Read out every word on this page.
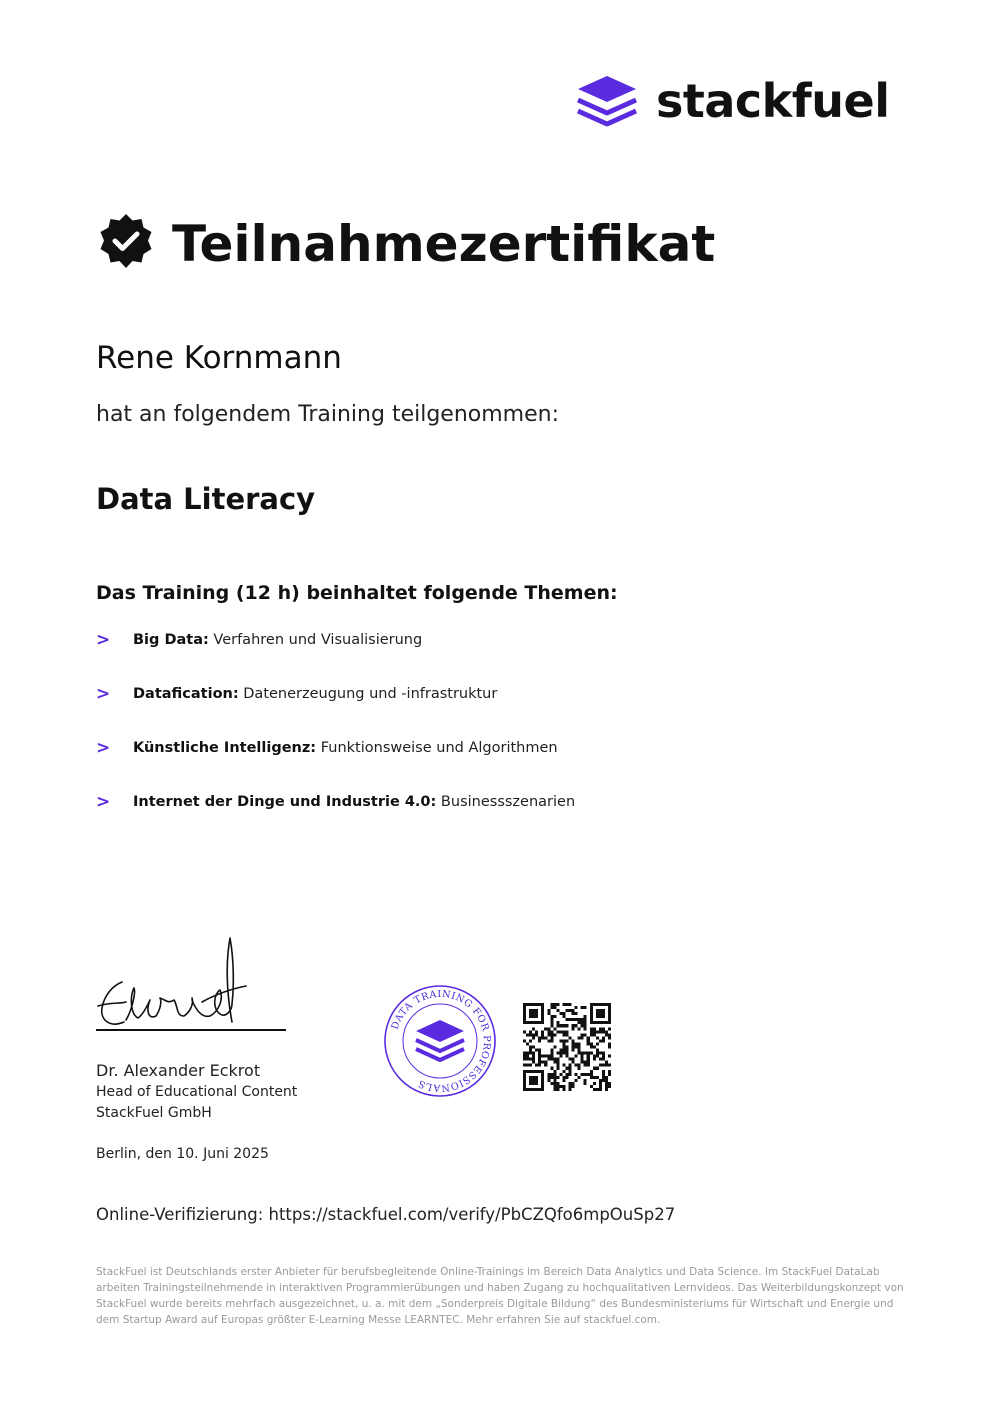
stackfuel
Teilnahmezertifikat
Rene Kornmann
hat an folgendem Training teilgenommen:
Data Literacy
Das Training (12 h) beinhaltet folgende Themen:
>	Big Data: Verfahren und Visualisierung
>	Datafication: Datenerzeugung und -infrastruktur
>	Künstliche Intelligenz: Funktionsweise und Algorithmen
>	Internet der Dinge und Industrie 4.0: Businessszenarien
Dr. Alexander Eckrot
Head of Educational Content
StackFuel GmbH
Berlin, den 10. Juni 2025
DATA TRAINING FOR PROFESSIONALS
Online-Verifizierung: https://stackfuel.com/verify/PbCZQfo6mpOuSp27
StackFuel ist Deutschlands erster Anbieter für berufsbegleitende Online-Trainings im Bereich Data Analytics und Data Science. Im StackFuel DataLab arbeiten Trainingsteilnehmende in interaktiven Programmierübungen und haben Zugang zu hochqualitativen Lernvideos. Das Weiterbildungskonzept von StackFuel wurde bereits mehrfach ausgezeichnet, u. a. mit dem „Sonderpreis Digitale Bildung“ des Bundesministeriums für Wirtschaft und Energie und dem Startup Award auf Europas größter E-Learning Messe LEARNTEC. Mehr erfahren Sie auf stackfuel.com.
